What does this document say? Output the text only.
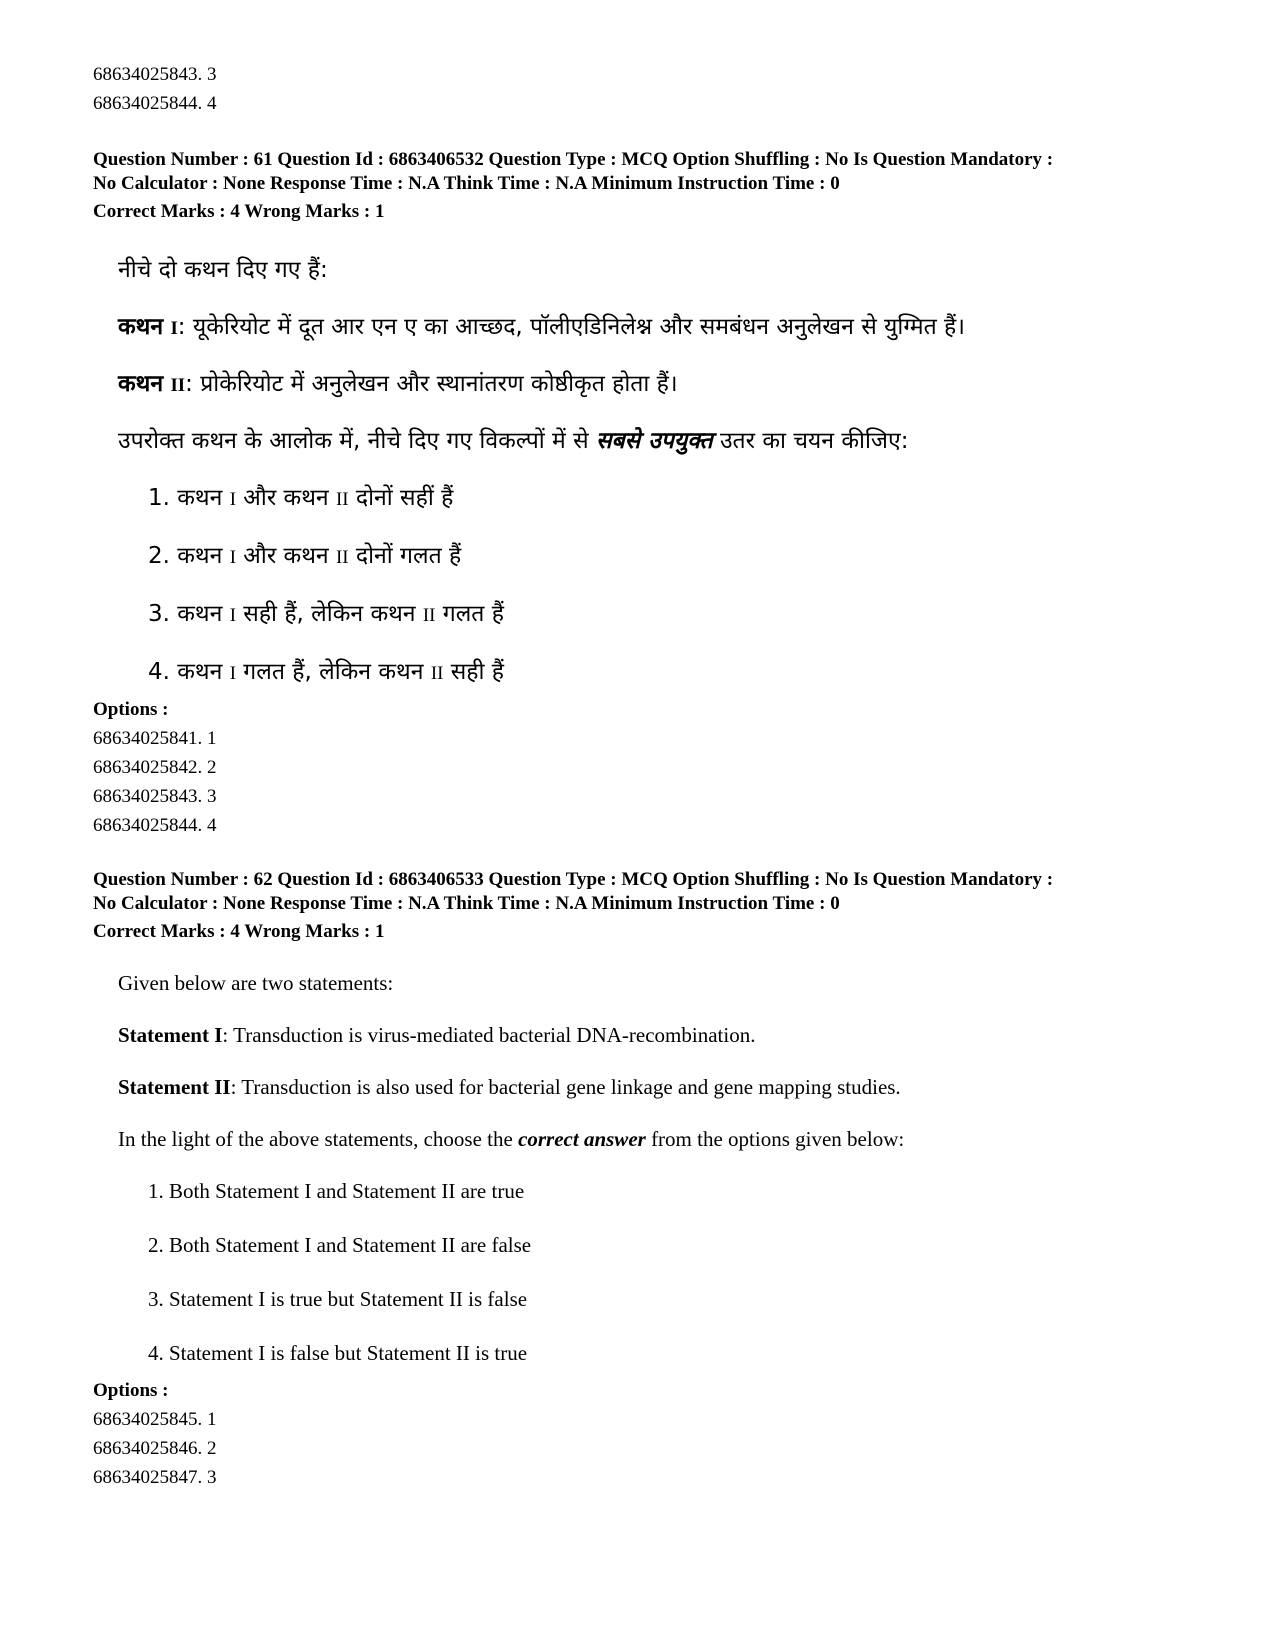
68634025843. 3
68634025844. 4
Question Number : 61 Question Id : 6863406532 Question Type : MCQ Option Shuffling : No Is Question Mandatory :
No Calculator : None Response Time : N.A Think Time : N.A Minimum Instruction Time : 0
Correct Marks : 4 Wrong Marks : 1
नीचे दो कथन दिए गए हैं:
कथन I: यूकेरियोट में दूत आर एन ए का आच्छद, पॉलीएडिनिलेश्न और समबंधन अनुलेखन से युग्मित हैं।
कथन II: प्रोकेरियोट में अनुलेखन और स्थानांतरण कोष्ठीकृत होता हैं।
उपरोक्त कथन के आलोक में, नीचे दिए गए विकल्पों में से सबसे उपयुक्त उतर का चयन कीजिए:
1. कथन I और कथन II दोनों सहीं हैं
2. कथन I और कथन II दोनों गलत हैं
3. कथन I सही हैं, लेकिन कथन II गलत हैं
4. कथन I गलत हैं, लेकिन कथन II सही हैं
Options :
68634025841. 1
68634025842. 2
68634025843. 3
68634025844. 4
Question Number : 62 Question Id : 6863406533 Question Type : MCQ Option Shuffling : No Is Question Mandatory :
No Calculator : None Response Time : N.A Think Time : N.A Minimum Instruction Time : 0
Correct Marks : 4 Wrong Marks : 1
Given below are two statements:
Statement I: Transduction is virus-mediated bacterial DNA-recombination.
Statement II: Transduction is also used for bacterial gene linkage and gene mapping studies.
In the light of the above statements, choose the correct answer from the options given below:
1. Both Statement I and Statement II are true
2. Both Statement I and Statement II are false
3. Statement I is true but Statement II is false
4. Statement I is false but Statement II is true
Options :
68634025845. 1
68634025846. 2
68634025847. 3
